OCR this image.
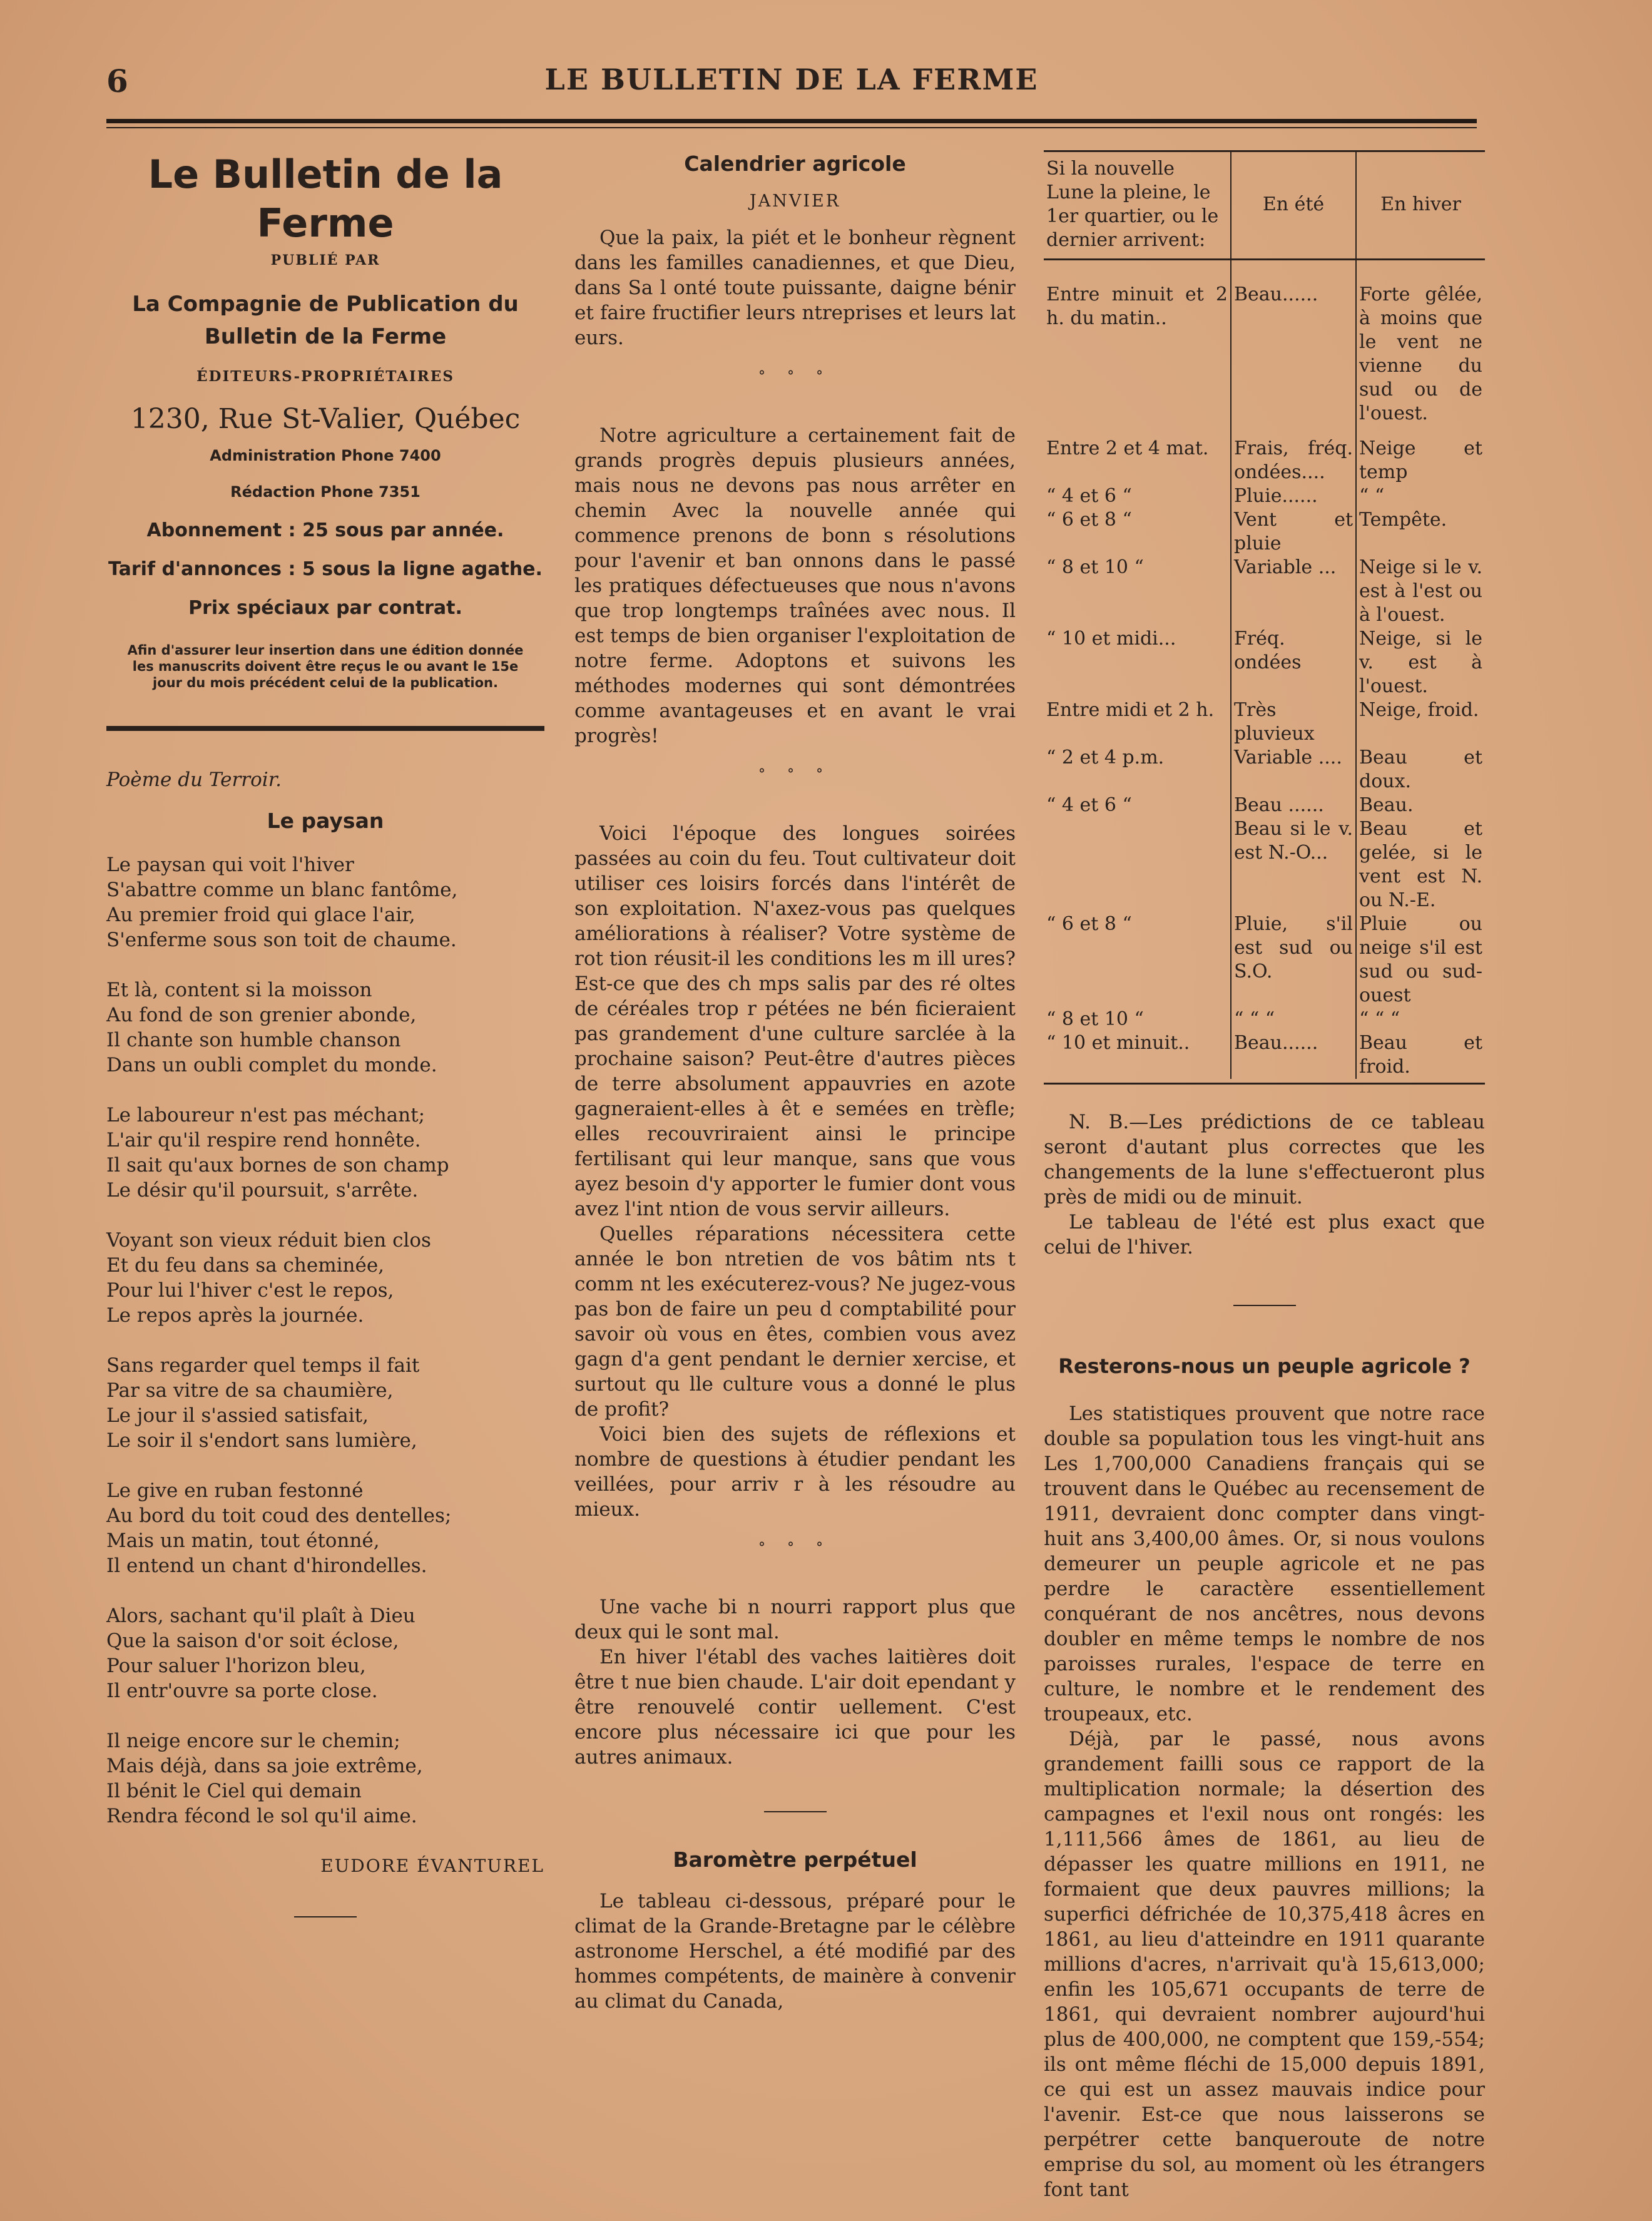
6	LE BULLETIN DE LA FERME
Le Bulletin de la Ferme
PUBLIÉ PAR
La Compagnie de Publication du
Bulletin de la Ferme
ÉDITEURS-PROPRIÉTAIRES
1230, Rue St-Valier, Québec
Administration Phone 7400
Rédaction Phone 7351
Abonnement : 25 sous par année.
Tarif d'annonces : 5 sous la ligne agathe.
Prix spéciaux par contrat.
Afin d'assurer leur insertion dans une édition donnée les manuscrits doivent être reçus le ou avant le 15e jour du mois précédent celui de la publication.
Poème du Terroir.
Le paysan
Le paysan qui voit l'hiver
S'abattre comme un blanc fantôme,
Au premier froid qui glace l'air,
S'enferme sous son toit de chaume.
Et là, content si la moisson
Au fond de son grenier abonde,
Il chante son humble chanson
Dans un oubli complet du monde.
Le laboureur n'est pas méchant;
L'air qu'il respire rend honnête.
Il sait qu'aux bornes de son champ
Le désir qu'il poursuit, s'arrête.
Voyant son vieux réduit bien clos
Et du feu dans sa cheminée,
Pour lui l'hiver c'est le repos,
Le repos après la journée.
Sans regarder quel temps il fait
Par sa vitre de sa chaumière,
Le jour il s'assied satisfait,
Le soir il s'endort sans lumière,
Le give en ruban festonné
Au bord du toit coud des dentelles;
Mais un matin, tout étonné,
Il entend un chant d'hirondelles.
Alors, sachant qu'il plaît à Dieu
Que la saison d'or soit éclose,
Pour saluer l'horizon bleu,
Il entr'ouvre sa porte close.
Il neige encore sur le chemin;
Mais déjà, dans sa joie extrême,
Il bénit le Ciel qui demain
Rendra fécond le sol qu'il aime.
EUDORE ÉVANTUREL
Calendrier agricole
JANVIER

Que la paix, la piét et le bonheur règnent dans les familles canadiennes, et que Dieu, dans Sa l onté toute puissante, daigne bénir et faire fructifier leurs ntreprises et leurs lat eurs.

° ° °

Notre agriculture a certainement fait de grands progrès depuis plusieurs années, mais nous ne devons pas nous arrêter en chemin Avec la nouvelle année qui commence prenons de bonn s résolutions pour l'avenir et ban onnons dans le passé les pratiques défectueuses que nous n'avons que trop longtemps traînées avec nous. Il est temps de bien organiser l'exploitation de notre ferme. Adoptons et suivons les méthodes modernes qui sont démontrées comme avantageuses et en avant le vrai progrès!

° ° °

Voici l'époque des longues soirées passées au coin du feu. Tout cultivateur doit utiliser ces loisirs forcés dans l'intérêt de son exploitation. N'axez-vous pas quelques améliorations à réaliser? Votre système de rot tion réusit-il les conditions les m ill ures? Est-ce que des ch mps salis par des ré oltes de céréales trop r pétées ne bén ficieraient pas grandement d'une culture sarclée à la prochaine saison? Peut-être d'autres pièces de terre absolument appauvries en azote gagneraient-elles à êt e semées en trèfle; elles recouvriraient ainsi le principe fertilisant qui leur manque, sans que vous ayez besoin d'y apporter le fumier dont vous avez l'int ntion de vous servir ailleurs.

Quelles réparations nécessitera cette année le bon ntretien de vos bâtim nts t comm nt les exécuterez-vous? Ne jugez-vous pas bon de faire un peu d comptabilité pour savoir où vous en êtes, combien vous avez gagn d'a gent pendant le dernier xercise, et surtout qu lle culture vous a donné le plus de profit?

Voici bien des sujets de réflexions et nombre de questions à étudier pendant les veillées, pour arriv r à les résoudre au mieux.

° ° °

Une vache bi n nourri rapport plus que deux qui le sont mal.

En hiver l'établ des vaches laitières doit être t nue bien chaude. L'air doit ependant y être renouvelé contir uellement. C'est encore plus nécessaire ici que pour les autres animaux.

Baromètre perpétuel

Le tableau ci-dessous, préparé pour le climat de la Grande-Bretagne par le célèbre astronome Herschel, a été modifié par des hommes compétents, de mainère à convenir au climat du Canada,

Si la nouvelle Lune la pleine, le 1er quartier, ou le dernier arrivent:	En été	En hiver
Entre minuit et 2 h. du matin..	Beau......	Forte gêlée, à moins que le vent ne vienne du sud ou de l'ouest.
Entre 2 et 4 mat.	Frais, fréq. ondées....	Neige et temp
“ 4 et 6 “	Pluie......	“ “
“ 6 et 8 “	Vent et pluie	Tempête.
“ 8 et 10 “	Variable ...	Neige si le v. est à l'est ou à l'ouest.
“ 10 et midi...	Fréq. ondées	Neige, si le v. est à l'ouest.
Entre midi et 2 h.	Très pluvieux	Neige, froid.
“ 2 et 4 p.m.	Variable ....	Beau et doux.
“ 4 et 6 “	Beau ......	Beau.
	Beau si le v. est N.-O...	Beau et gelée, si le vent est N. ou N.-E.
“ 6 et 8 “	Pluie, s'il est sud ou S.O.	Pluie ou neige s'il est sud ou sud-ouest
“ 8 et 10 “	“ “ “	“ “ “
“ 10 et minuit..	Beau......	Beau et froid.

N. B.—Les prédictions de ce tableau seront d'autant plus correctes que les changements de la lune s'effectueront plus près de midi ou de minuit.

Le tableau de l'été est plus exact que celui de l'hiver.

Resterons-nous un peuple agricole ?

Les statistiques prouvent que notre race double sa population tous les vingt-huit ans Les 1,700,000 Canadiens français qui se trouvent dans le Québec au recensement de 1911, devraient donc compter dans vingt-huit ans 3,400,00 âmes. Or, si nous voulons demeurer un peuple agricole et ne pas perdre le caractère essentiellement conquérant de nos ancêtres, nous devons doubler en même temps le nombre de nos paroisses rurales, l'espace de terre en culture, le nombre et le rendement des troupeaux, etc.

Déjà, par le passé, nous avons grandement failli sous ce rapport de la multiplication normale; la désertion des campagnes et l'exil nous ont rongés: les 1,111,566 âmes de 1861, au lieu de dépasser les quatre millions en 1911, ne formaient que deux pauvres millions; la superfici défrichée de 10,375,418 âcres en 1861, au lieu d'atteindre en 1911 quarante millions d'acres, n'arrivait qu'à 15,613,000; enfin les 105,671 occupants de terre de 1861, qui devraient nombrer aujourd'hui plus de 400,000, ne comptent que 159,-554; ils ont même fléchi de 15,000 depuis 1891, ce qui est un assez mauvais indice pour l'avenir. Est-ce que nous laisserons se perpétrer cette banqueroute de notre emprise du sol, au moment où les étrangers font tant
